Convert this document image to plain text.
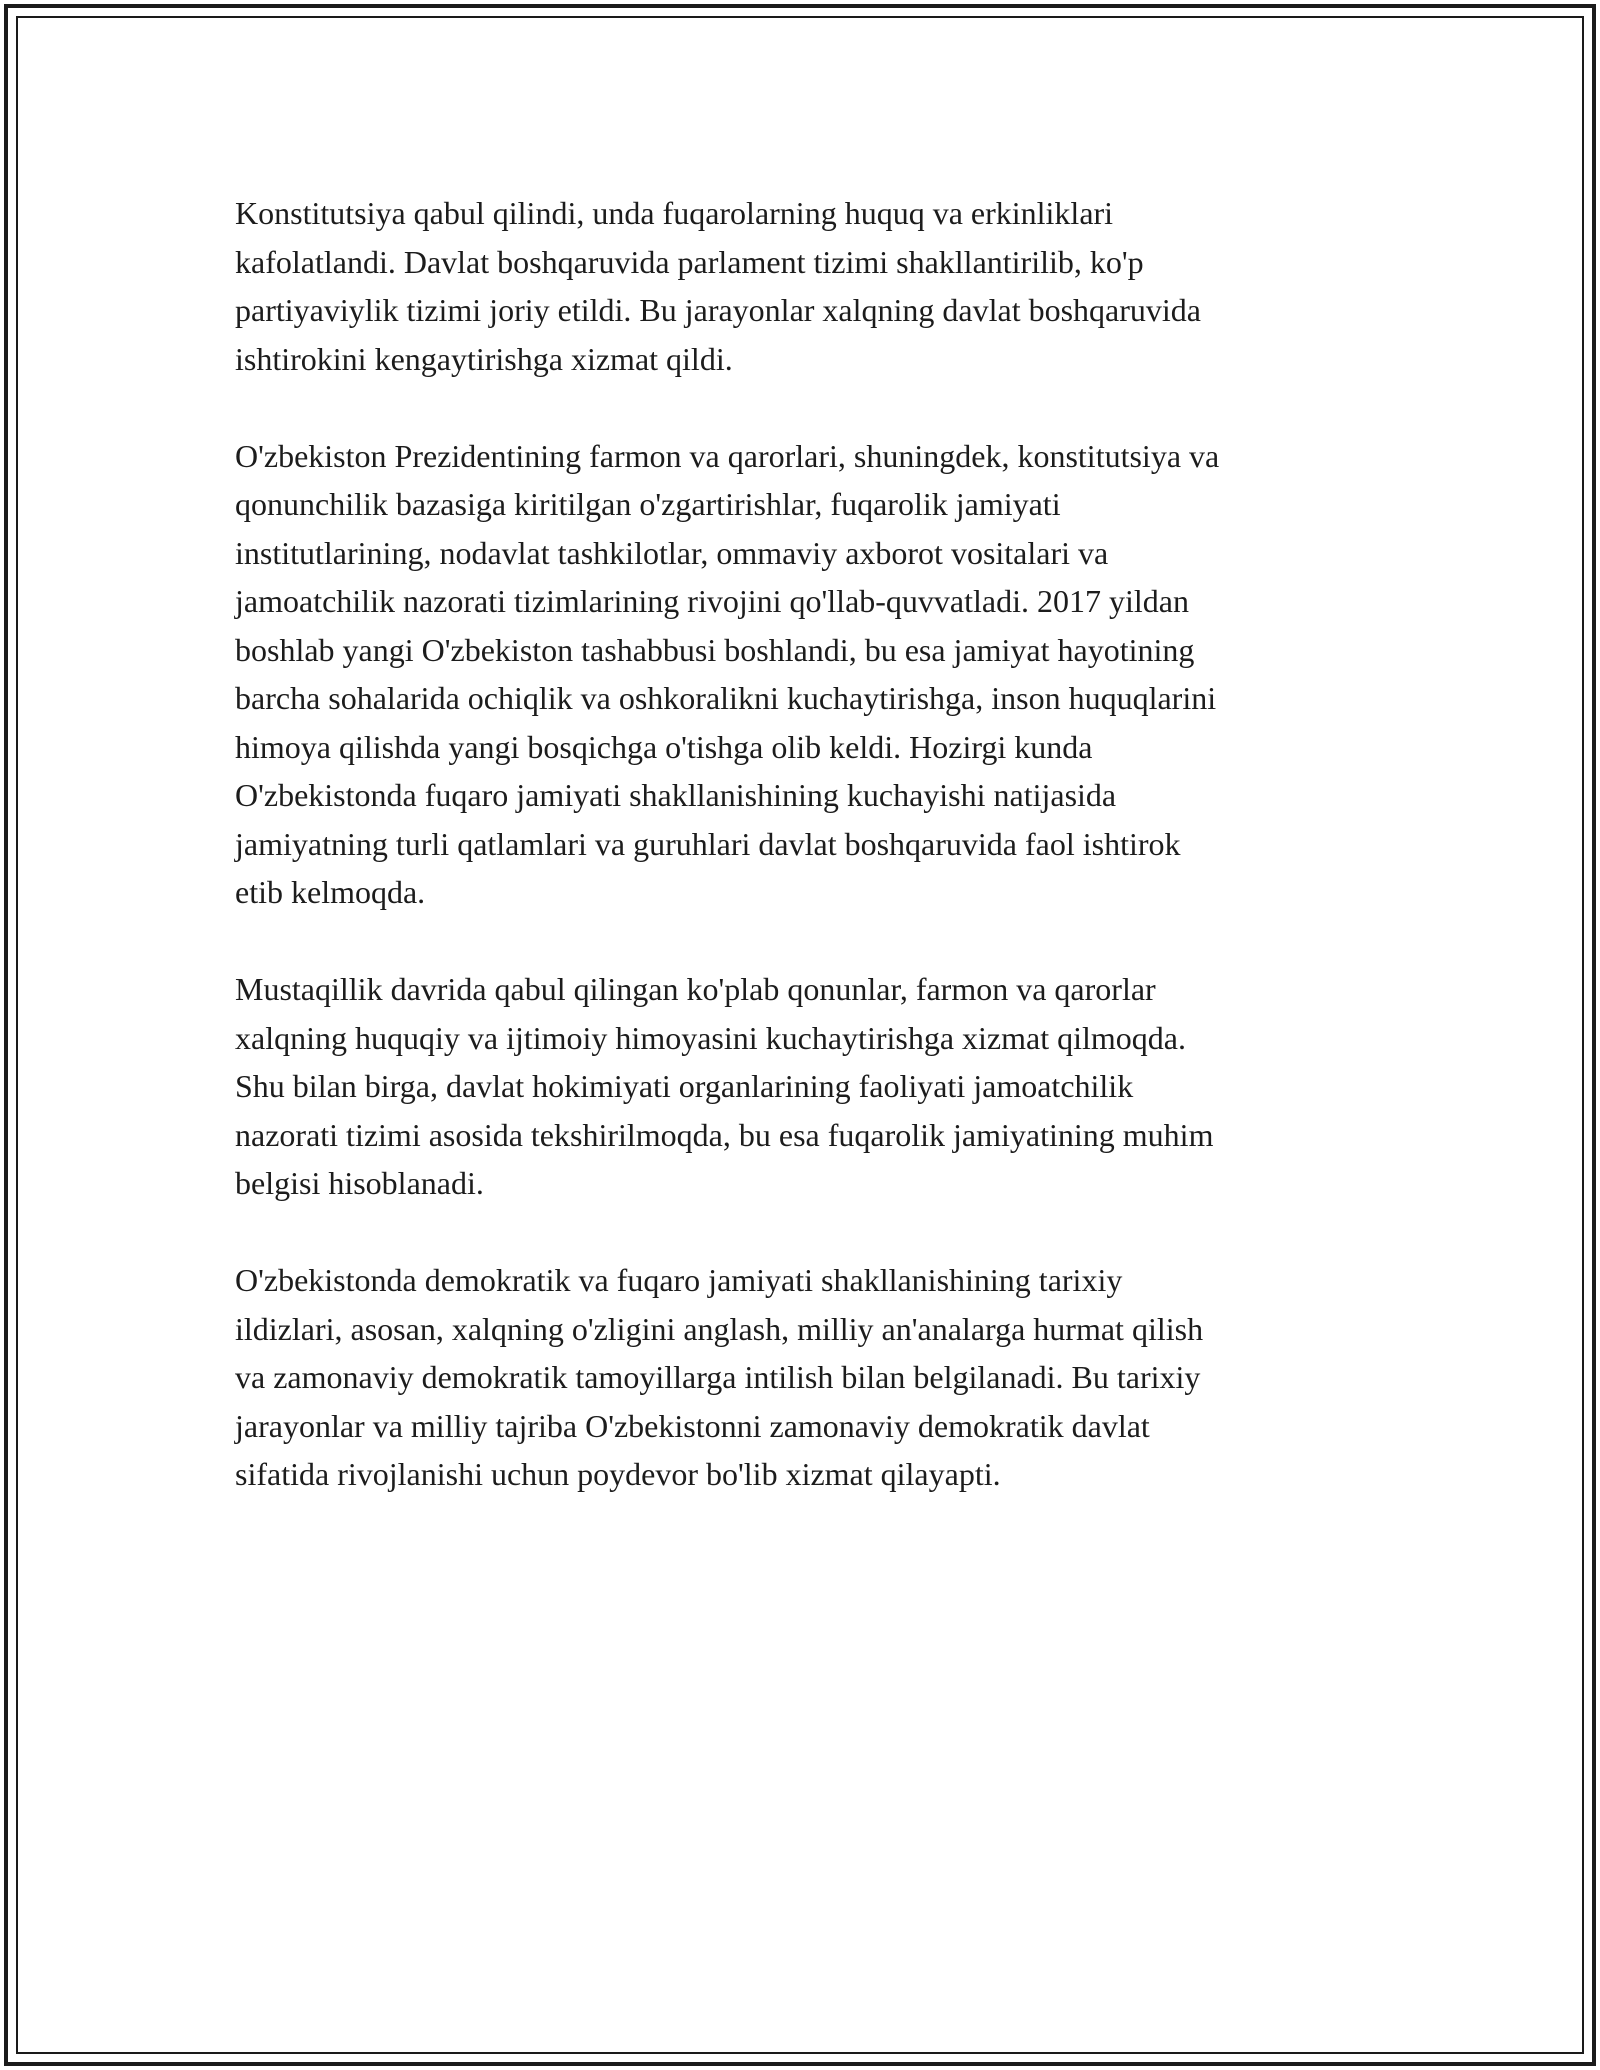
Konstitutsiya qabul qilindi, unda fuqarolarning huquq va erkinliklari
kafolatlandi. Davlat boshqaruvida parlament tizimi shakllantirilib, ko'p
partiyaviylik tizimi joriy etildi. Bu jarayonlar xalqning davlat boshqaruvida
ishtirokini kengaytirishga xizmat qildi.

O'zbekiston Prezidentining farmon va qarorlari, shuningdek, konstitutsiya va
qonunchilik bazasiga kiritilgan o'zgartirishlar, fuqarolik jamiyati
institutlarining, nodavlat tashkilotlar, ommaviy axborot vositalari va
jamoatchilik nazorati tizimlarining rivojini qo'llab-quvvatladi. 2017 yildan
boshlab yangi O'zbekiston tashabbusi boshlandi, bu esa jamiyat hayotining
barcha sohalarida ochiqlik va oshkoralikni kuchaytirishga, inson huquqlarini
himoya qilishda yangi bosqichga o'tishga olib keldi. Hozirgi kunda
O'zbekistonda fuqaro jamiyati shakllanishining kuchayishi natijasida
jamiyatning turli qatlamlari va guruhlari davlat boshqaruvida faol ishtirok
etib kelmoqda.

Mustaqillik davrida qabul qilingan ko'plab qonunlar, farmon va qarorlar
xalqning huquqiy va ijtimoiy himoyasini kuchaytirishga xizmat qilmoqda.
Shu bilan birga, davlat hokimiyati organlarining faoliyati jamoatchilik
nazorati tizimi asosida tekshirilmoqda, bu esa fuqarolik jamiyatining muhim
belgisi hisoblanadi.

O'zbekistonda demokratik va fuqaro jamiyati shakllanishining tarixiy
ildizlari, asosan, xalqning o'zligini anglash, milliy an'analarga hurmat qilish
va zamonaviy demokratik tamoyillarga intilish bilan belgilanadi. Bu tarixiy
jarayonlar va milliy tajriba O'zbekistonni zamonaviy demokratik davlat
sifatida rivojlanishi uchun poydevor bo'lib xizmat qilayapti.
